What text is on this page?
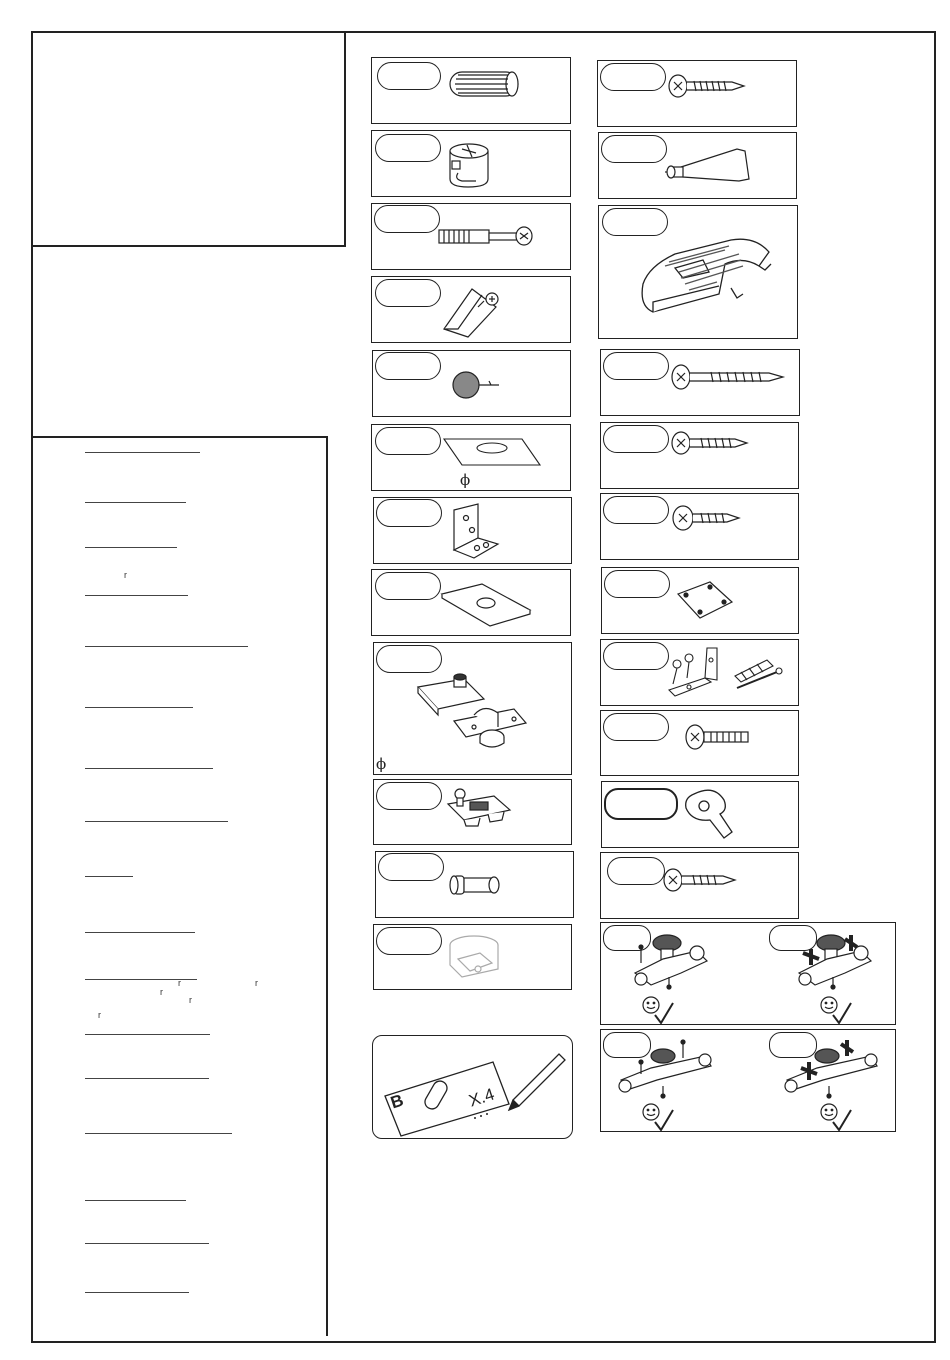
r
r	r
r
r
r
ϕ
ϕ
B	X.4
